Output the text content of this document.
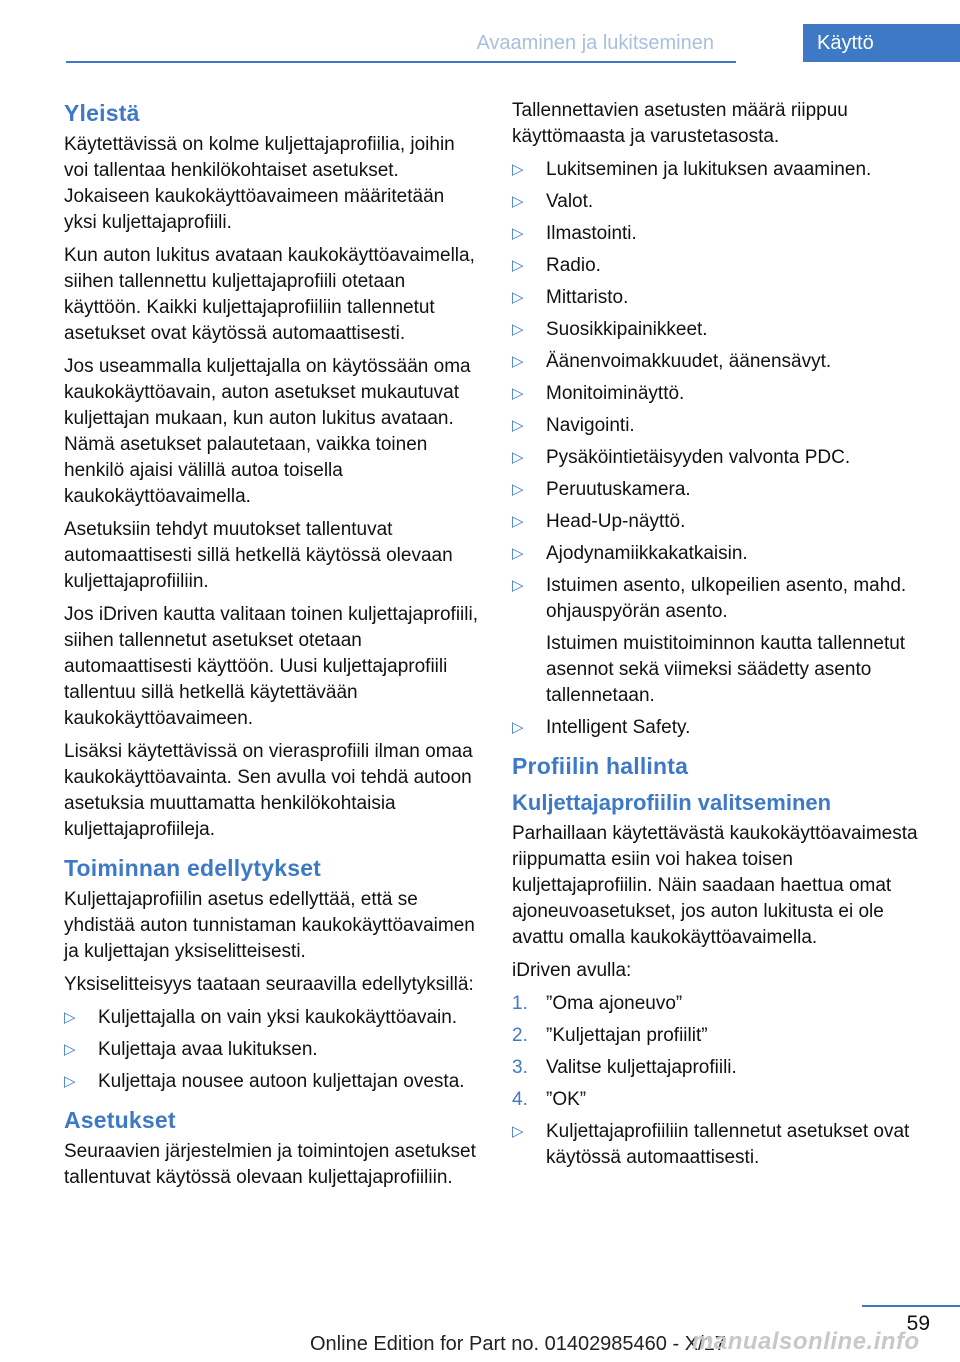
Avaaminen ja lukitseminen	Käyttö
Yleistä

Käytettävissä on kolme kuljettajaprofiilia, joihin voi tallentaa henkilökohtaiset asetukset. Jokaiseen kaukokäyttöavaimeen määritetään yksi kuljettajaprofiili.

Kun auton lukitus avataan kaukokäyttöavaimella, siihen tallennettu kuljettajaprofiili otetaan käyttöön. Kaikki kuljettajaprofiiliin tallennetut asetukset ovat käytössä automaattisesti.

Jos useammalla kuljettajalla on käytössään oma kaukokäyttöavain, auton asetukset mukautuvat kuljettajan mukaan, kun auton lukitus avataan. Nämä asetukset palautetaan, vaikka toinen henkilö ajaisi välillä autoa toisella kaukokäyttöavaimella.

Asetuksiin tehdyt muutokset tallentuvat automaattisesti sillä hetkellä käytössä olevaan kuljettajaprofiiliin.

Jos iDriven kautta valitaan toinen kuljettajaprofiili, siihen tallennetut asetukset otetaan automaattisesti käyttöön. Uusi kuljettajaprofiili tallentuu sillä hetkellä käytettävään kaukokäyttöavaimeen.

Lisäksi käytettävissä on vierasprofiili ilman omaa kaukokäyttöavainta. Sen avulla voi tehdä autoon asetuksia muuttamatta henkilökohtaisia kuljettajaprofiileja.

Toiminnan edellytykset

Kuljettajaprofiilin asetus edellyttää, että se yhdistää auton tunnistaman kaukokäyttöavaimen ja kuljettajan yksiselitteisesti.

Yksiselitteisyys taataan seuraavilla edellytyksillä:

▷ Kuljettajalla on vain yksi kaukokäyttöavain.
▷ Kuljettaja avaa lukituksen.
▷ Kuljettaja nousee autoon kuljettajan ovesta.
Asetukset

Seuraavien järjestelmien ja toimintojen asetukset tallentuvat käytössä olevaan kuljettajaprofiiliin.

Tallennettavien asetusten määrä riippuu käyttömaasta ja varustetasosta.

▷ Lukitseminen ja lukituksen avaaminen.
▷ Valot.
▷ Ilmastointi.
▷ Radio.
▷ Mittaristo.
▷ Suosikkipainikkeet.
▷ Äänenvoimakkuudet, äänensävyt.
▷ Monitoiminäyttö.
▷ Navigointi.
▷ Pysäköintietäisyyden valvonta PDC.
▷ Peruutuskamera.
▷ Head-Up-näyttö.
▷ Ajodynamiikkakatkaisin.
▷ Istuimen asento, ulkopeilien asento, mahd. ohjauspyörän asento.
Istuimen muistitoiminnon kautta tallennetut asennot sekä viimeksi säädetty asento tallennetaan.
▷ Intelligent Safety.
Profiilin hallinta
Kuljettajaprofiilin valitseminen

Parhaillaan käytettävästä kaukokäyttöavaimesta riippumatta esiin voi hakea toisen kuljettajaprofiilin. Näin saadaan haettua omat ajoneuvoasetukset, jos auton lukitusta ei ole avattu omalla kaukokäyttöavaimella.

iDriven avulla:

1. ”Oma ajoneuvo”
2. ”Kuljettajan profiilit”
3. Valitse kuljettajaprofiili.
4. ”OK”
▷ Kuljettajaprofiiliin tallennetut asetukset ovat käytössä automaattisesti.
59
Online Edition for Part no. 01402985460 - X/17
manualsonline.info
